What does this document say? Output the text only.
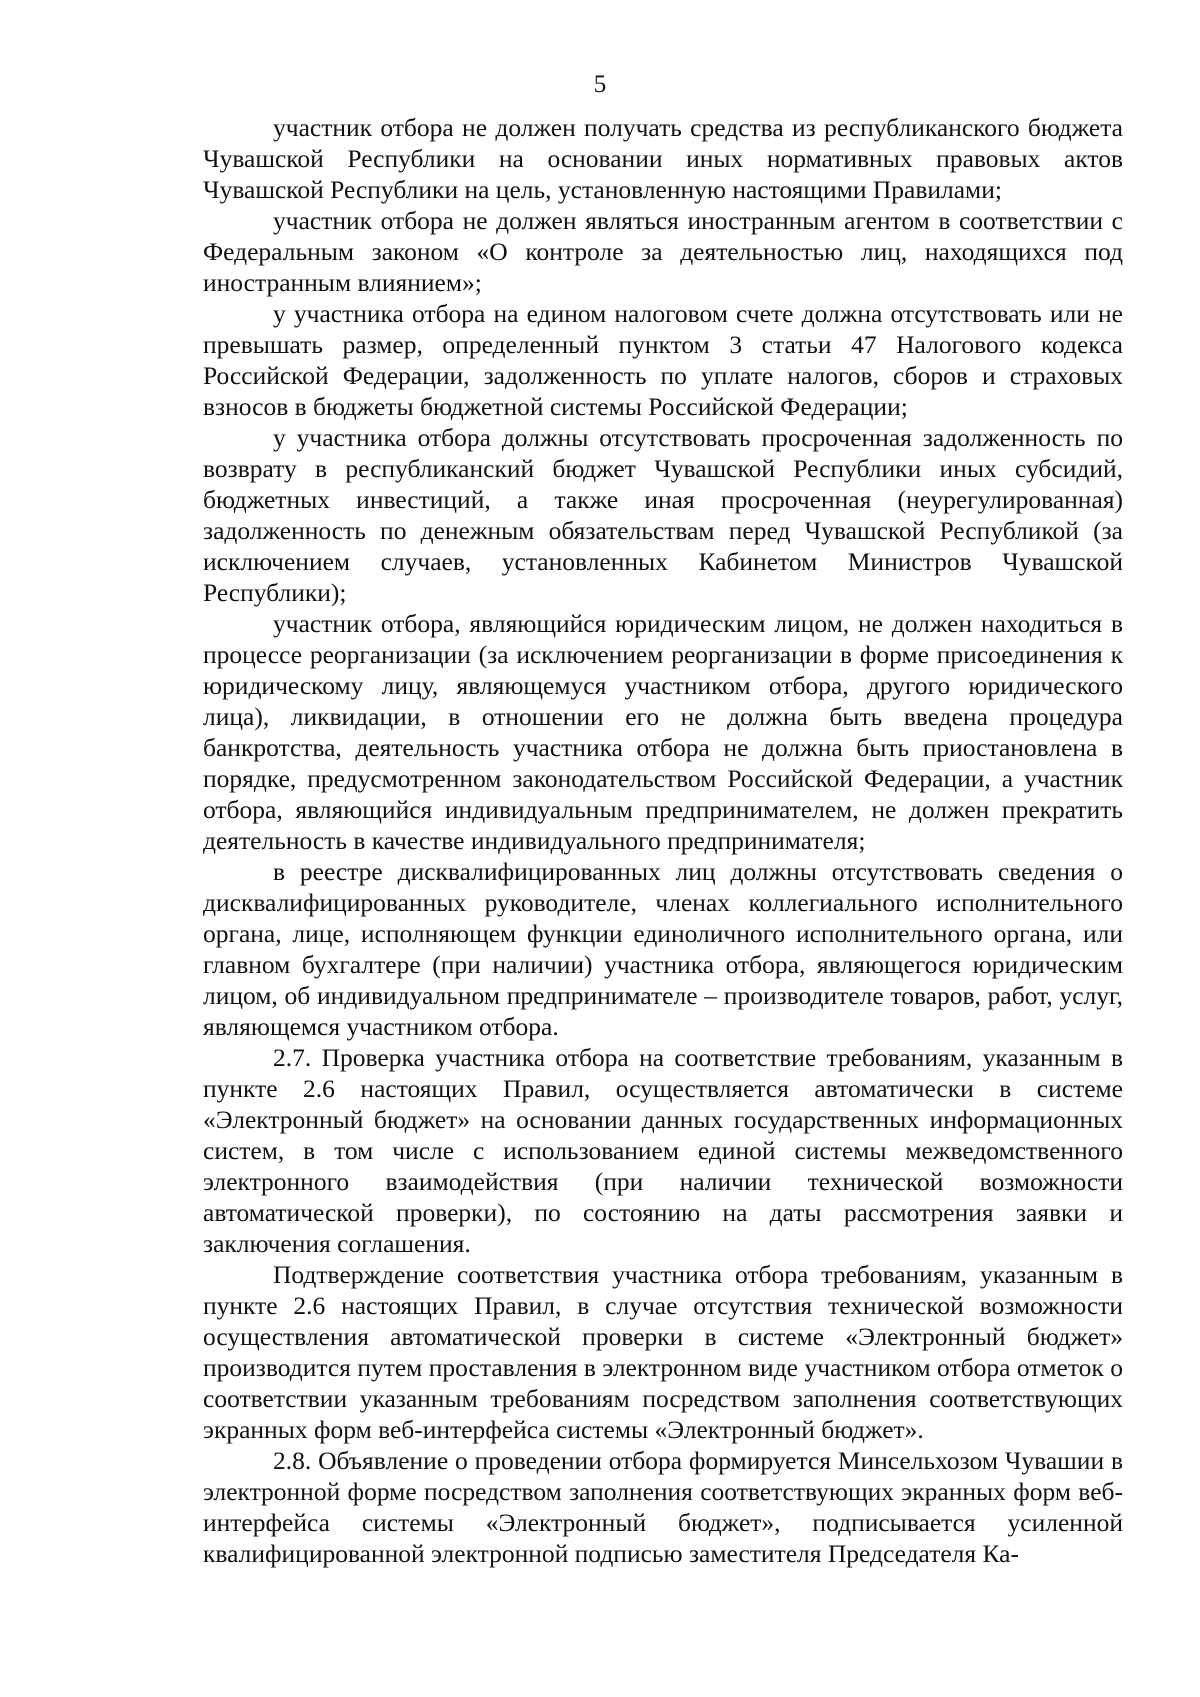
5

участник отбора не должен получать средства из республиканского бюджета Чувашской Республики на основании иных нормативных правовых актов Чувашской Республики на цель, установленную настоящими Правилами;

участник отбора не должен являться иностранным агентом в соответствии с Федеральным законом «О контроле за деятельностью лиц, находящихся под иностранным влиянием»;

у участника отбора на едином налоговом счете должна отсутствовать или не превышать размер, определенный пунктом 3 статьи 47 Налогового кодекса Российской Федерации, задолженность по уплате налогов, сборов и страховых взносов в бюджеты бюджетной системы Российской Федерации;

у участника отбора должны отсутствовать просроченная задолженность по возврату в республиканский бюджет Чувашской Республики иных субсидий, бюджетных инвестиций, а также иная просроченная (неурегулированная) задолженность по денежным обязательствам перед Чувашской Республикой (за исключением случаев, установленных Кабинетом Министров Чувашской Республики);

участник отбора, являющийся юридическим лицом, не должен находиться в процессе реорганизации (за исключением реорганизации в форме присоединения к юридическому лицу, являющемуся участником отбора, другого юридического лица), ликвидации, в отношении его не должна быть введена процедура банкротства, деятельность участника отбора не должна быть приостановлена в порядке, предусмотренном законодательством Российской Федерации, а участник отбора, являющийся индивидуальным предпринимателем, не должен прекратить деятельность в качестве индивидуального предпринимателя;

в реестре дисквалифицированных лиц должны отсутствовать сведения о дисквалифицированных руководителе, членах коллегиального исполнительного органа, лице, исполняющем функции единоличного исполнительного органа, или главном бухгалтере (при наличии) участника отбора, являющегося юридическим лицом, об индивидуальном предпринимателе – производителе товаров, работ, услуг, являющемся участником отбора.

2.7. Проверка участника отбора на соответствие требованиям, указанным в пункте 2.6 настоящих Правил, осуществляется автоматически в системе «Электронный бюджет» на основании данных государственных информационных систем, в том числе с использованием единой системы межведомственного электронного взаимодействия (при наличии технической возможности автоматической проверки), по состоянию на даты рассмотрения заявки и заключения соглашения.

Подтверждение соответствия участника отбора требованиям, указанным в пункте 2.6 настоящих Правил, в случае отсутствия технической возможности осуществления автоматической проверки в системе «Электронный бюджет» производится путем проставления в электронном виде участником отбора отметок о соответствии указанным требованиям посредством заполнения соответствующих экранных форм веб-интерфейса системы «Электронный бюджет».

2.8. Объявление о проведении отбора формируется Минсельхозом Чувашии в электронной форме посредством заполнения соответствующих экранных форм веб-интерфейса системы «Электронный бюджет», подписывается усиленной квалифицированной электронной подписью заместителя Председателя Ка-
